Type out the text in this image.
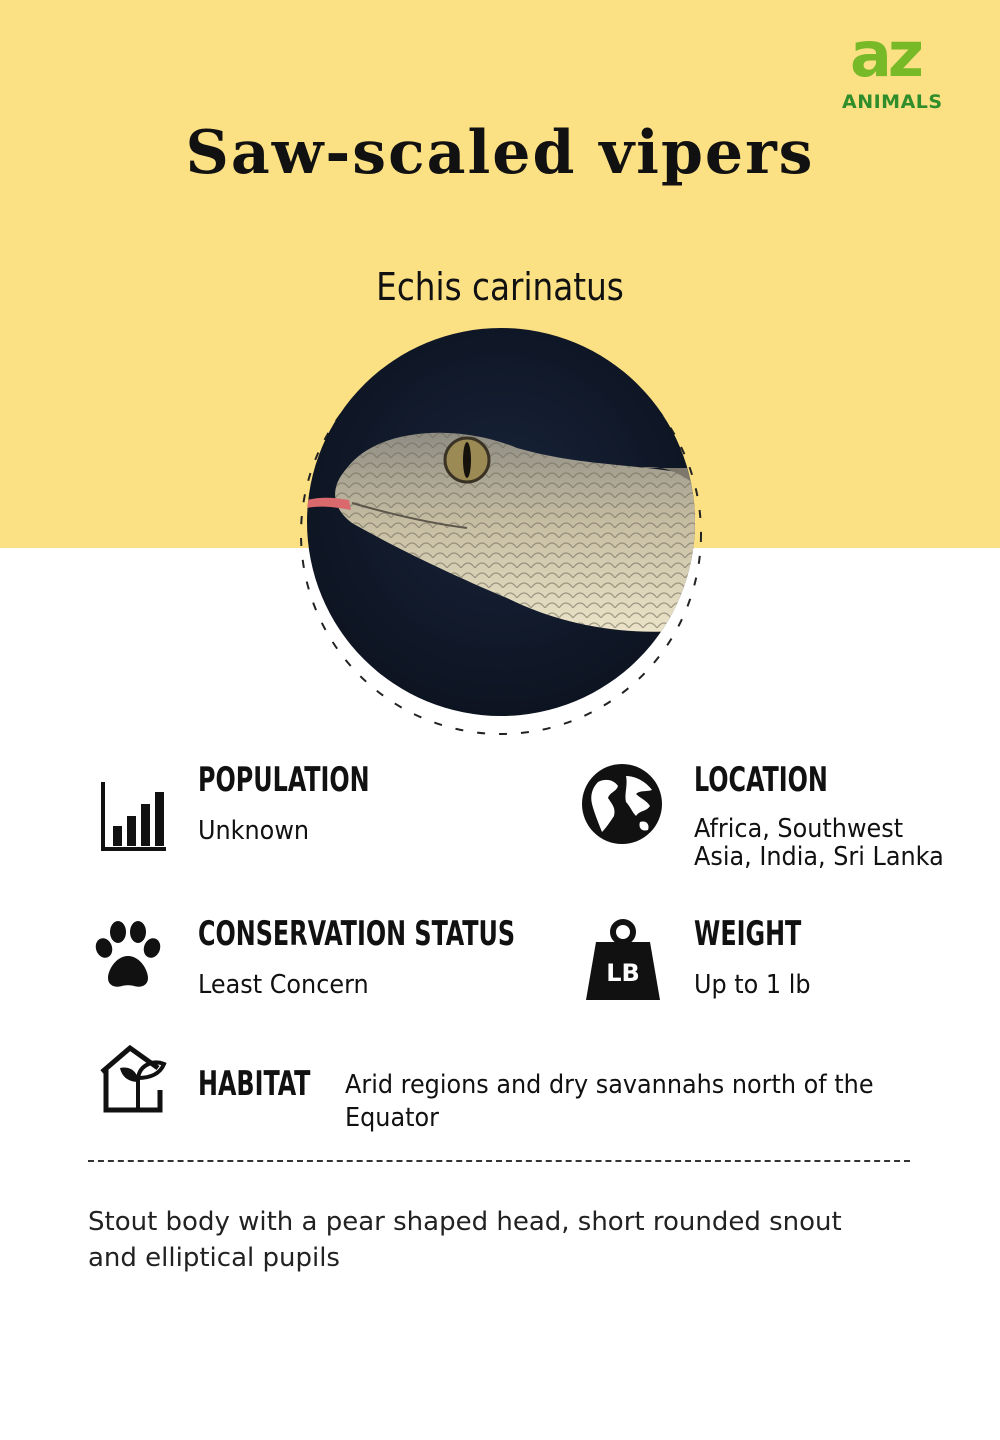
az
ANIMALS
Saw-scaled vipers
Echis carinatus
POPULATION
Unknown
LOCATION
Africa, Southwest
Asia, India, Sri Lanka
CONSERVATION STATUS
Least Concern	LB
WEIGHT
Up to 1 lb
HABITAT Arid regions and dry savannahs north of the
Equator
Stout body with a pear shaped head, short rounded snout
and elliptical pupils
